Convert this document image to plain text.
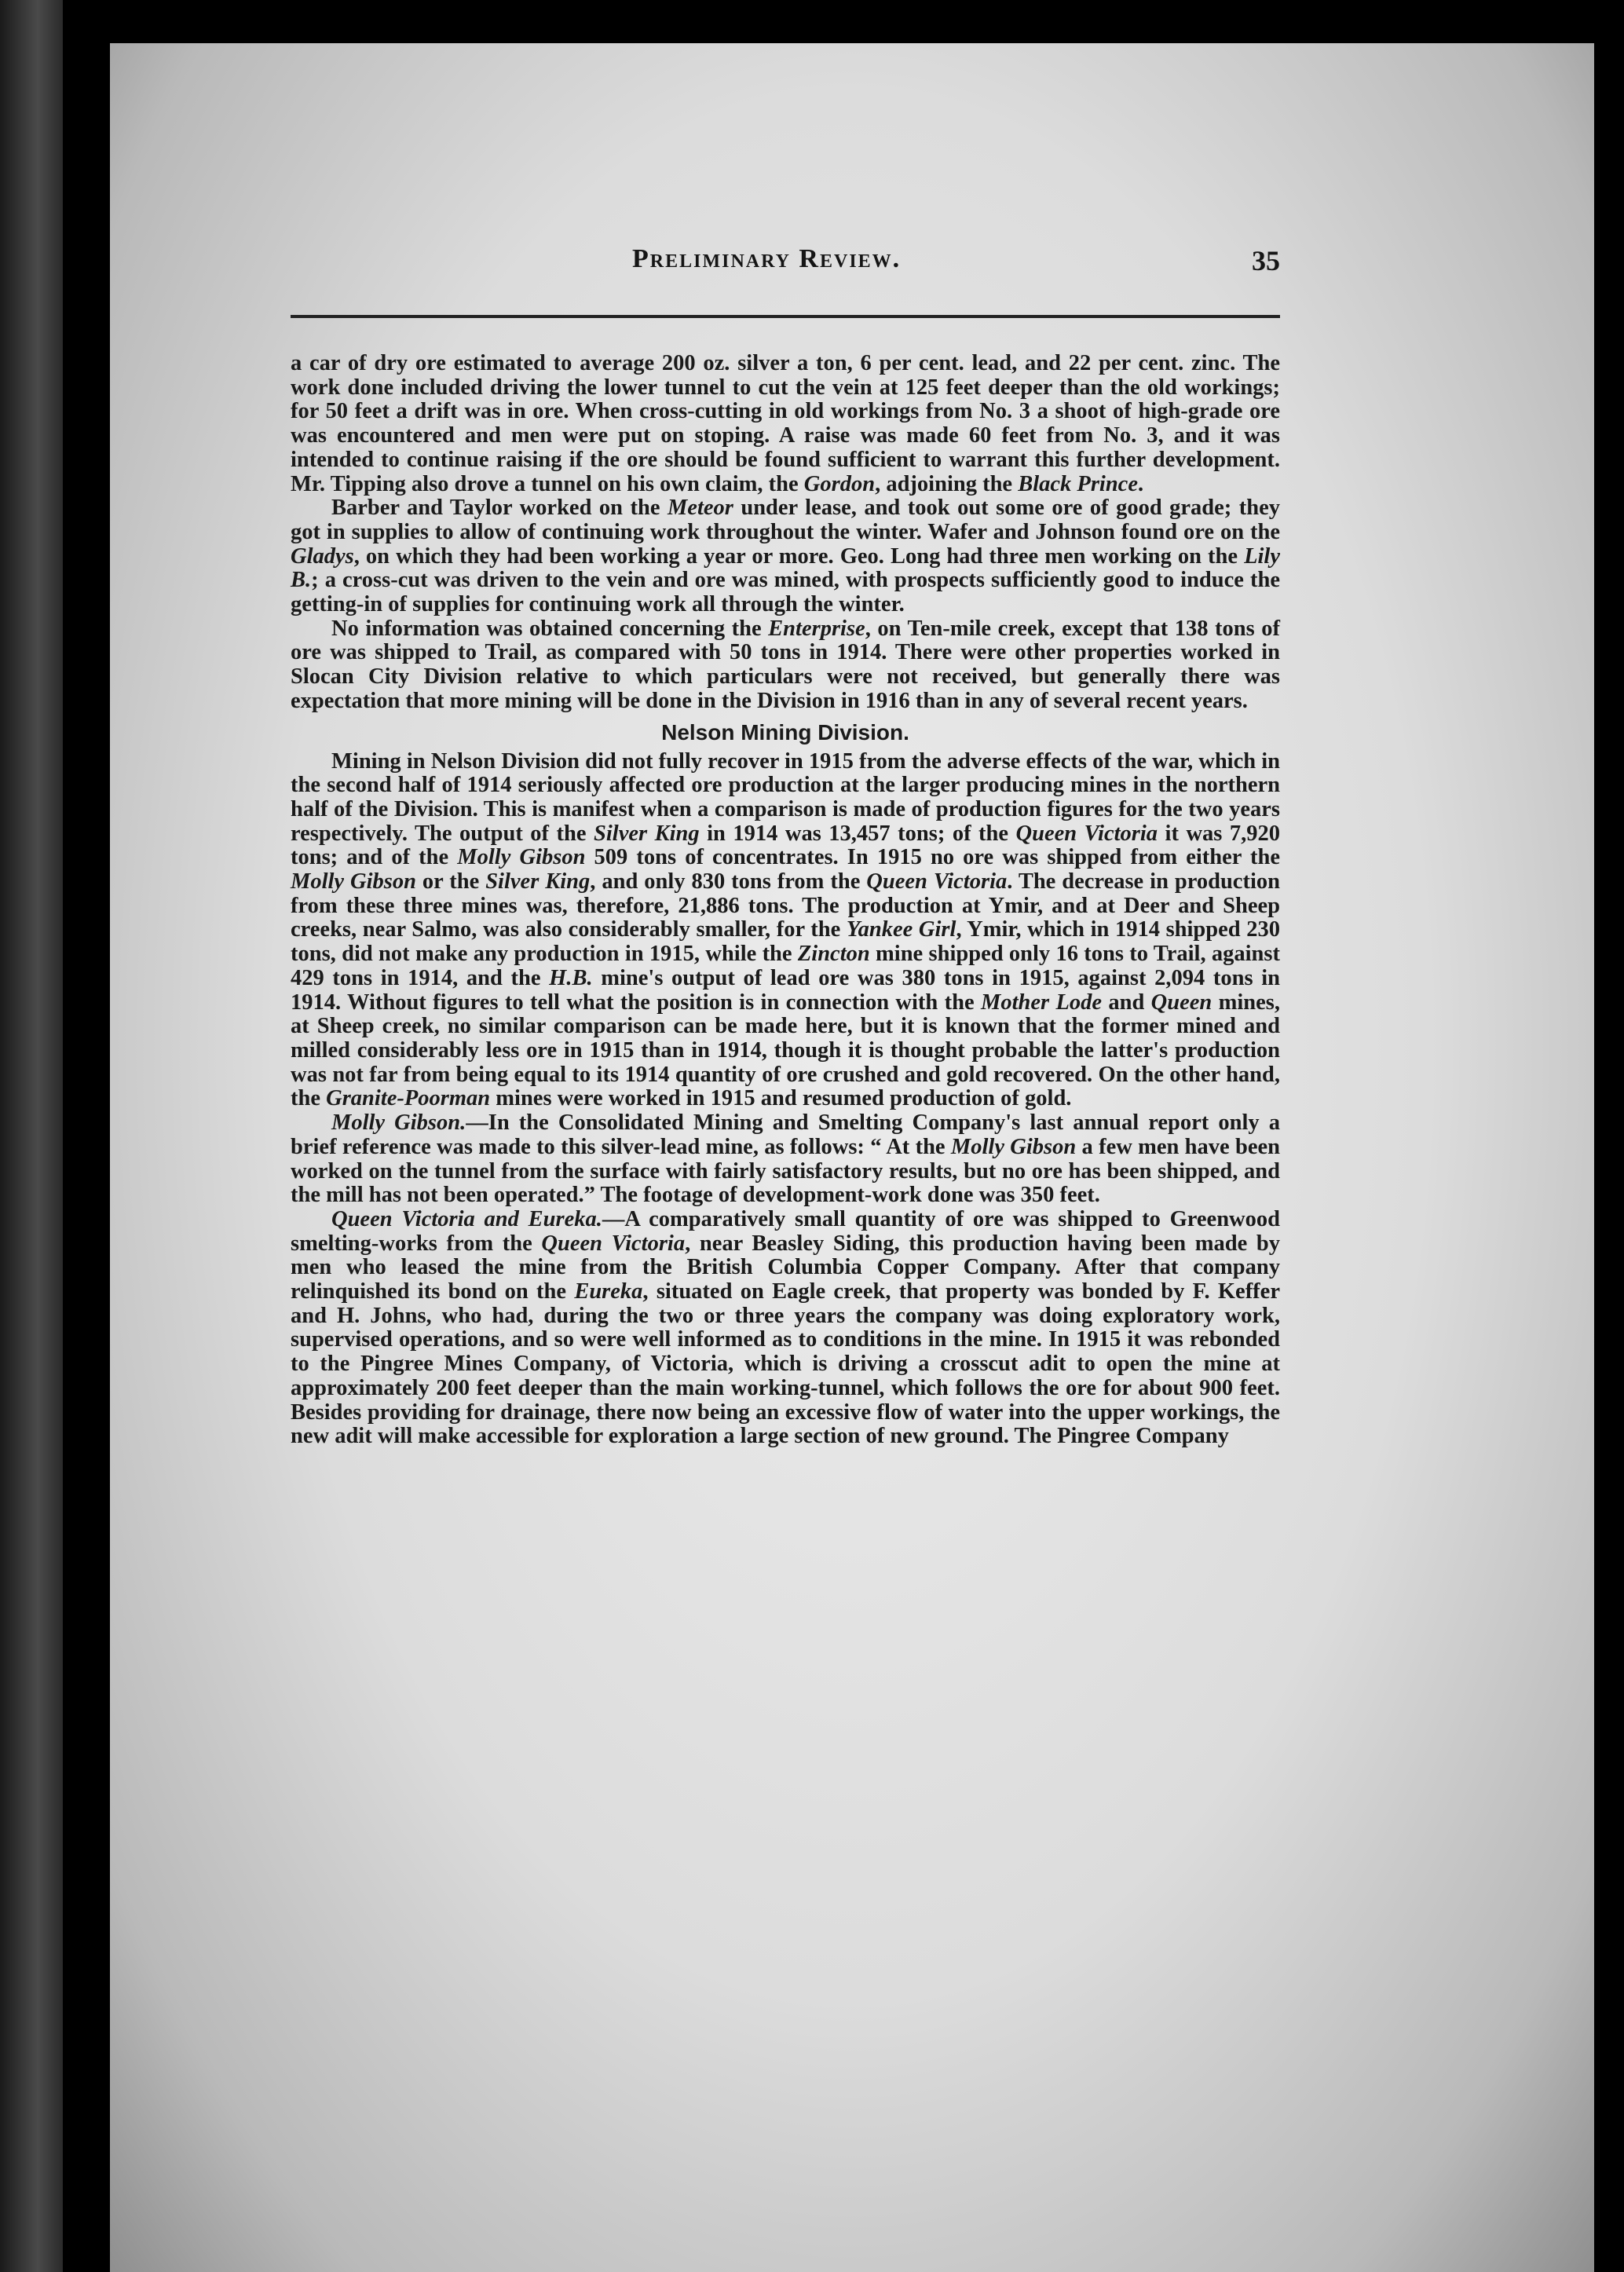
Preliminary Review.	35

a car of dry ore estimated to average 200 oz. silver a ton, 6 per cent. lead, and 22 per cent. zinc. The work done included driving the lower tunnel to cut the vein at 125 feet deeper than the old workings; for 50 feet a drift was in ore. When cross-cutting in old workings from No. 3 a shoot of high-grade ore was encountered and men were put on stoping. A raise was made 60 feet from No. 3, and it was intended to continue raising if the ore should be found sufficient to warrant this further development. Mr. Tipping also drove a tunnel on his own claim, the Gordon, adjoining the Black Prince.

Barber and Taylor worked on the Meteor under lease, and took out some ore of good grade; they got in supplies to allow of continuing work throughout the winter. Wafer and Johnson found ore on the Gladys, on which they had been working a year or more. Geo. Long had three men working on the Lily B.; a cross-cut was driven to the vein and ore was mined, with prospects sufficiently good to induce the getting-in of supplies for continuing work all through the winter.

No information was obtained concerning the Enterprise, on Ten-mile creek, except that 138 tons of ore was shipped to Trail, as compared with 50 tons in 1914. There were other properties worked in Slocan City Division relative to which particulars were not received, but generally there was expectation that more mining will be done in the Division in 1916 than in any of several recent years.

Nelson Mining Division.

Mining in Nelson Division did not fully recover in 1915 from the adverse effects of the war, which in the second half of 1914 seriously affected ore production at the larger producing mines in the northern half of the Division. This is manifest when a comparison is made of production figures for the two years respectively. The output of the Silver King in 1914 was 13,457 tons; of the Queen Victoria it was 7,920 tons; and of the Molly Gibson 509 tons of concentrates. In 1915 no ore was shipped from either the Molly Gibson or the Silver King, and only 830 tons from the Queen Victoria. The decrease in production from these three mines was, therefore, 21,886 tons. The production at Ymir, and at Deer and Sheep creeks, near Salmo, was also considerably smaller, for the Yankee Girl, Ymir, which in 1914 shipped 230 tons, did not make any production in 1915, while the Zincton mine shipped only 16 tons to Trail, against 429 tons in 1914, and the H.B. mine's output of lead ore was 380 tons in 1915, against 2,094 tons in 1914. Without figures to tell what the position is in connection with the Mother Lode and Queen mines, at Sheep creek, no similar comparison can be made here, but it is known that the former mined and milled considerably less ore in 1915 than in 1914, though it is thought probable the latter's production was not far from being equal to its 1914 quantity of ore crushed and gold recovered. On the other hand, the Granite-Poorman mines were worked in 1915 and resumed production of gold.

Molly Gibson.—In the Consolidated Mining and Smelting Company's last annual report only a brief reference was made to this silver-lead mine, as follows: “ At the Molly Gibson a few men have been worked on the tunnel from the surface with fairly satisfactory results, but no ore has been shipped, and the mill has not been operated.” The footage of development-work done was 350 feet.

Queen Victoria and Eureka.—A comparatively small quantity of ore was shipped to Greenwood smelting-works from the Queen Victoria, near Beasley Siding, this production having been made by men who leased the mine from the British Columbia Copper Company. After that company relinquished its bond on the Eureka, situated on Eagle creek, that property was bonded by F. Keffer and H. Johns, who had, during the two or three years the company was doing exploratory work, supervised operations, and so were well informed as to conditions in the mine. In 1915 it was rebonded to the Pingree Mines Company, of Victoria, which is driving a crosscut adit to open the mine at approximately 200 feet deeper than the main working-tunnel, which follows the ore for about 900 feet. Besides providing for drainage, there now being an excessive flow of water into the upper workings, the new adit will make accessible for exploration a large section of new ground. The Pingree Company
